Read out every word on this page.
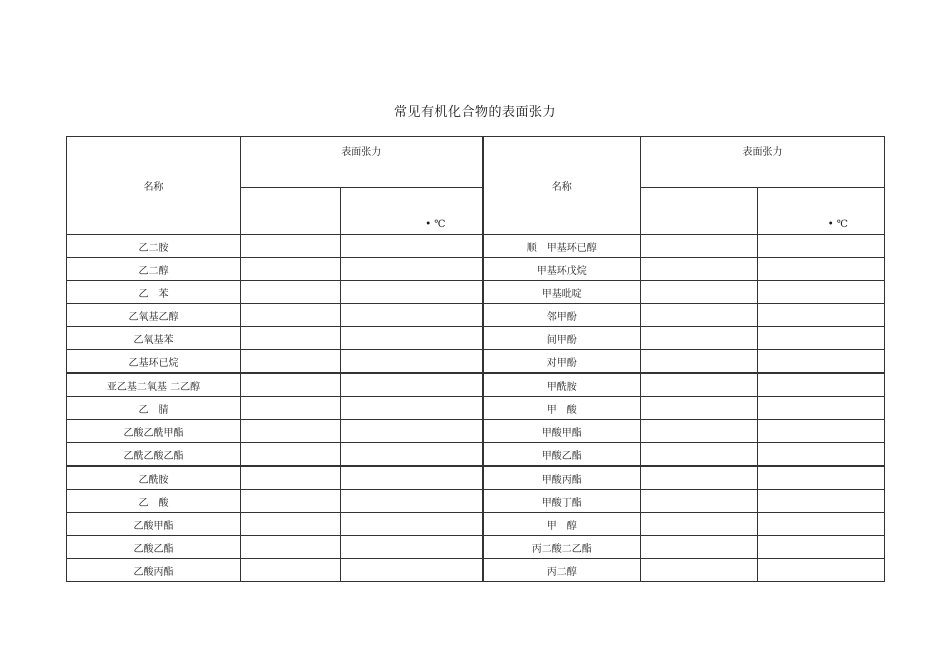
常见有机化合物的表面张力
名称	表面张力		名称	表面张力	
		• ℃			• ℃
乙二胺			顺　甲基环已醇		
乙二醇			甲基环戊烷		
乙　苯			甲基吡啶		
乙氧基乙醇			邻甲酚		
乙氧基苯			间甲酚		
乙基环已烷			对甲酚		
亚乙基二氧基 二乙醇			甲酰胺		
乙　腈			甲　酸		
乙酸乙酰甲酯			甲酸甲酯		
乙酰乙酸乙酯			甲酸乙酯		
乙酰胺			甲酸丙酯		
乙　酸			甲酸丁酯		
乙酸甲酯			甲　醇		
乙酸乙酯			丙二酸二乙酯		
乙酸丙酯			丙二醇		
